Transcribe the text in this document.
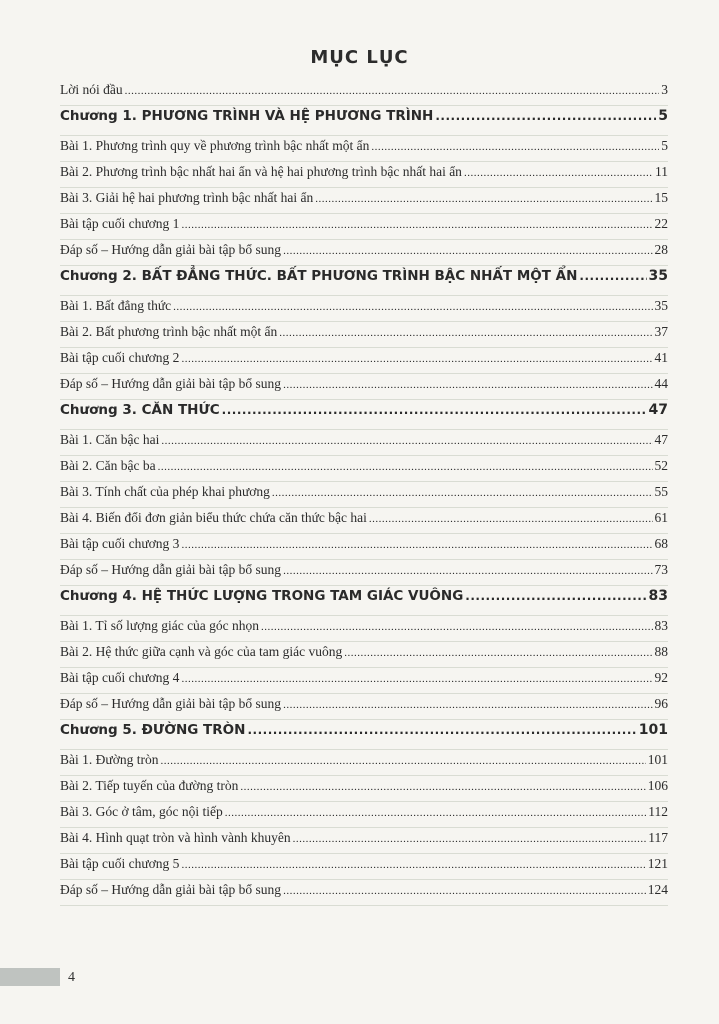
MỤC LỤC
Lời nói đầu .....	3
Chương 1. PHƯƠNG TRÌNH VÀ HỆ PHƯƠNG TRÌNH .....	5
Bài 1. Phương trình quy về phương trình bậc nhất một ẩn .....	5
Bài 2. Phương trình bậc nhất hai ẩn và hệ hai phương trình bậc nhất hai ẩn .....	11
Bài 3. Giải hệ hai phương trình bậc nhất hai ẩn .....	15
Bài tập cuối chương 1 .....	22
Đáp số – Hướng dẫn giải bài tập bổ sung .....	28
Chương 2. BẤT ĐẲNG THỨC. BẤT PHƯƠNG TRÌNH BẬC NHẤT MỘT ẨN .....	35
Bài 1. Bất đẳng thức .....	35
Bài 2. Bất phương trình bậc nhất một ẩn .....	37
Bài tập cuối chương 2 .....	41
Đáp số – Hướng dẫn giải bài tập bổ sung .....	44
Chương 3. CĂN THỨC .....	47
Bài 1. Căn bậc hai .....	47
Bài 2. Căn bậc ba .....	52
Bài 3. Tính chất của phép khai phương .....	55
Bài 4. Biến đổi đơn giản biểu thức chứa căn thức bậc hai .....	61
Bài tập cuối chương 3 .....	68
Đáp số – Hướng dẫn giải bài tập bổ sung .....	73
Chương 4. HỆ THỨC LƯỢNG TRONG TAM GIÁC VUÔNG .....	83
Bài 1. Tỉ số lượng giác của góc nhọn .....	83
Bài 2. Hệ thức giữa cạnh và góc của tam giác vuông .....	88
Bài tập cuối chương 4 .....	92
Đáp số – Hướng dẫn giải bài tập bổ sung .....	96
Chương 5. ĐƯỜNG TRÒN .....	101
Bài 1. Đường tròn .....	101
Bài 2. Tiếp tuyến của đường tròn .....	106
Bài 3. Góc ở tâm, góc nội tiếp .....	112
Bài 4. Hình quạt tròn và hình vành khuyên .....	117
Bài tập cuối chương 5 .....	121
Đáp số – Hướng dẫn giải bài tập bổ sung .....	124
4
